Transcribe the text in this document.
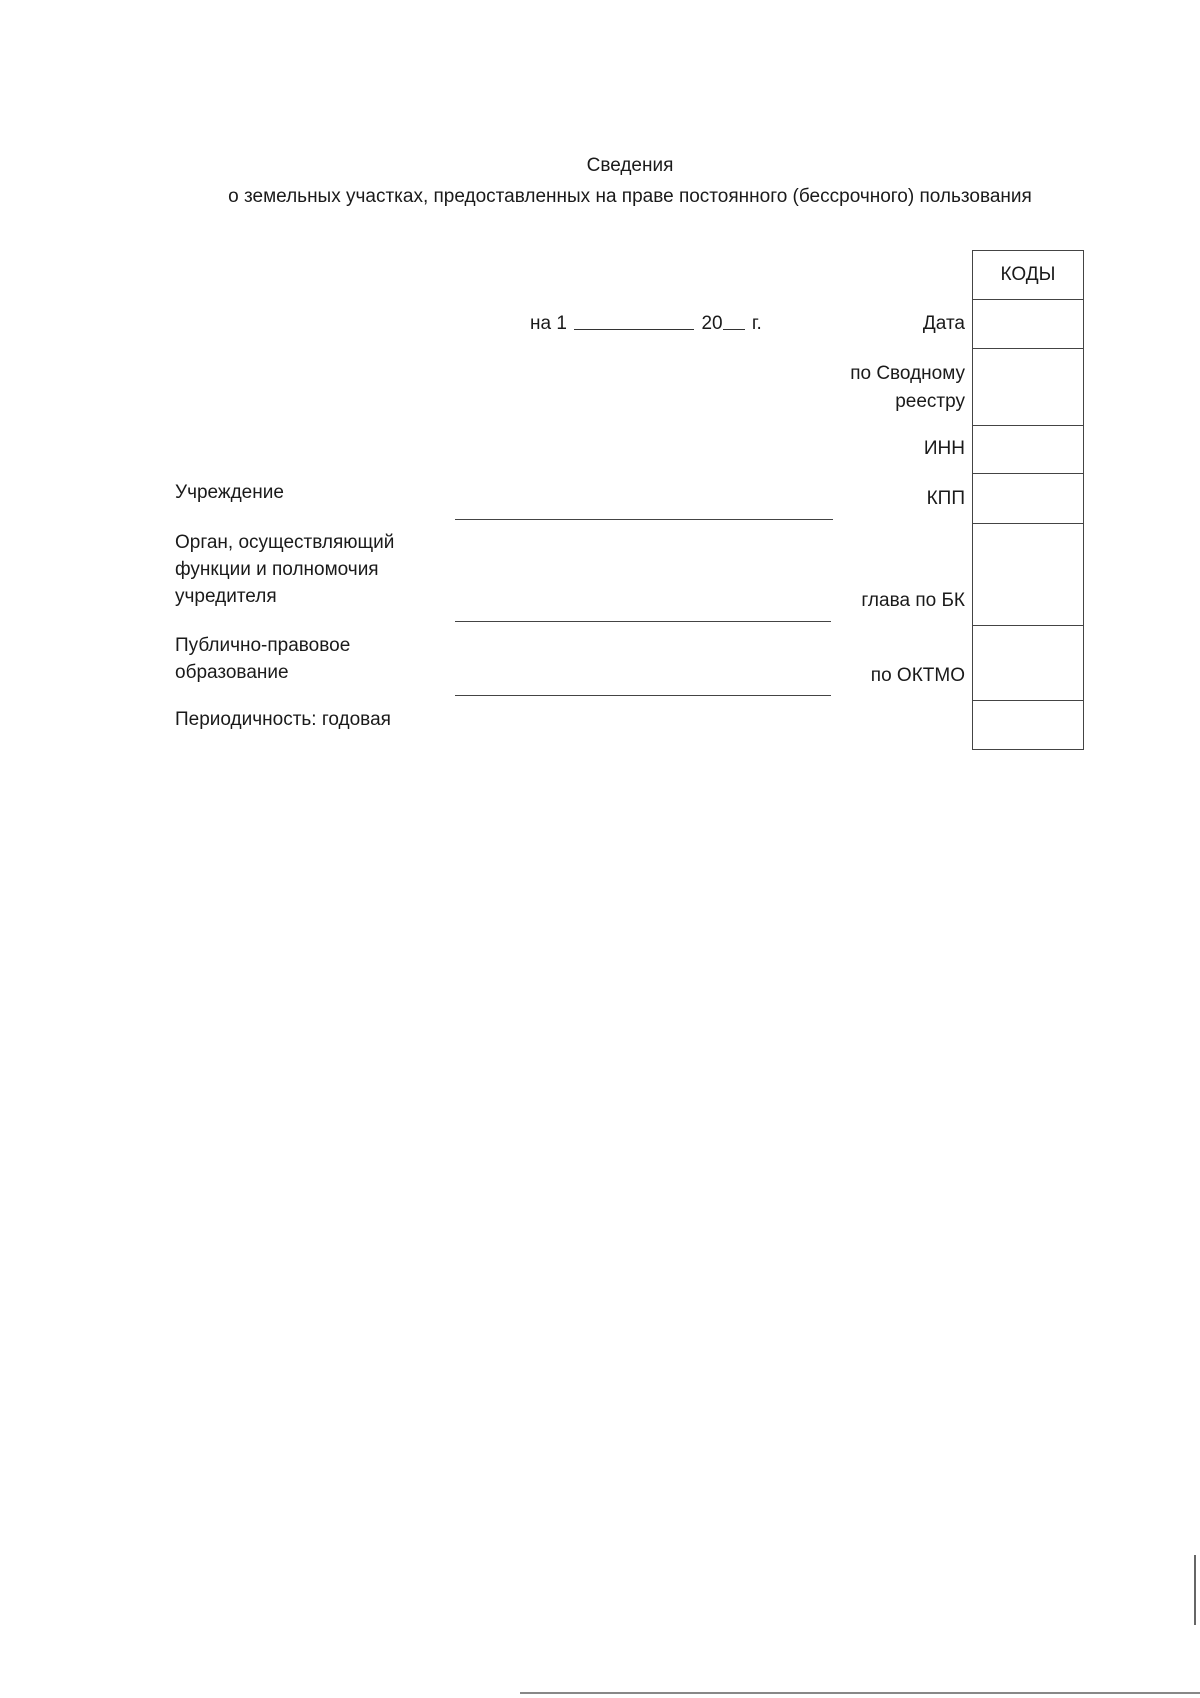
Сведения
о земельных участках, предоставленных на праве постоянного (бессрочного) пользования
на 1	20 г.
КОДЫ
Дата
по Сводному
реестру
ИНН
КПП
глава по БК
по ОКТМО
Учреждение
Орган, осуществляющий
функции и полномочия
учредителя
Публично-правовое
образование
Периодичность: годовая
